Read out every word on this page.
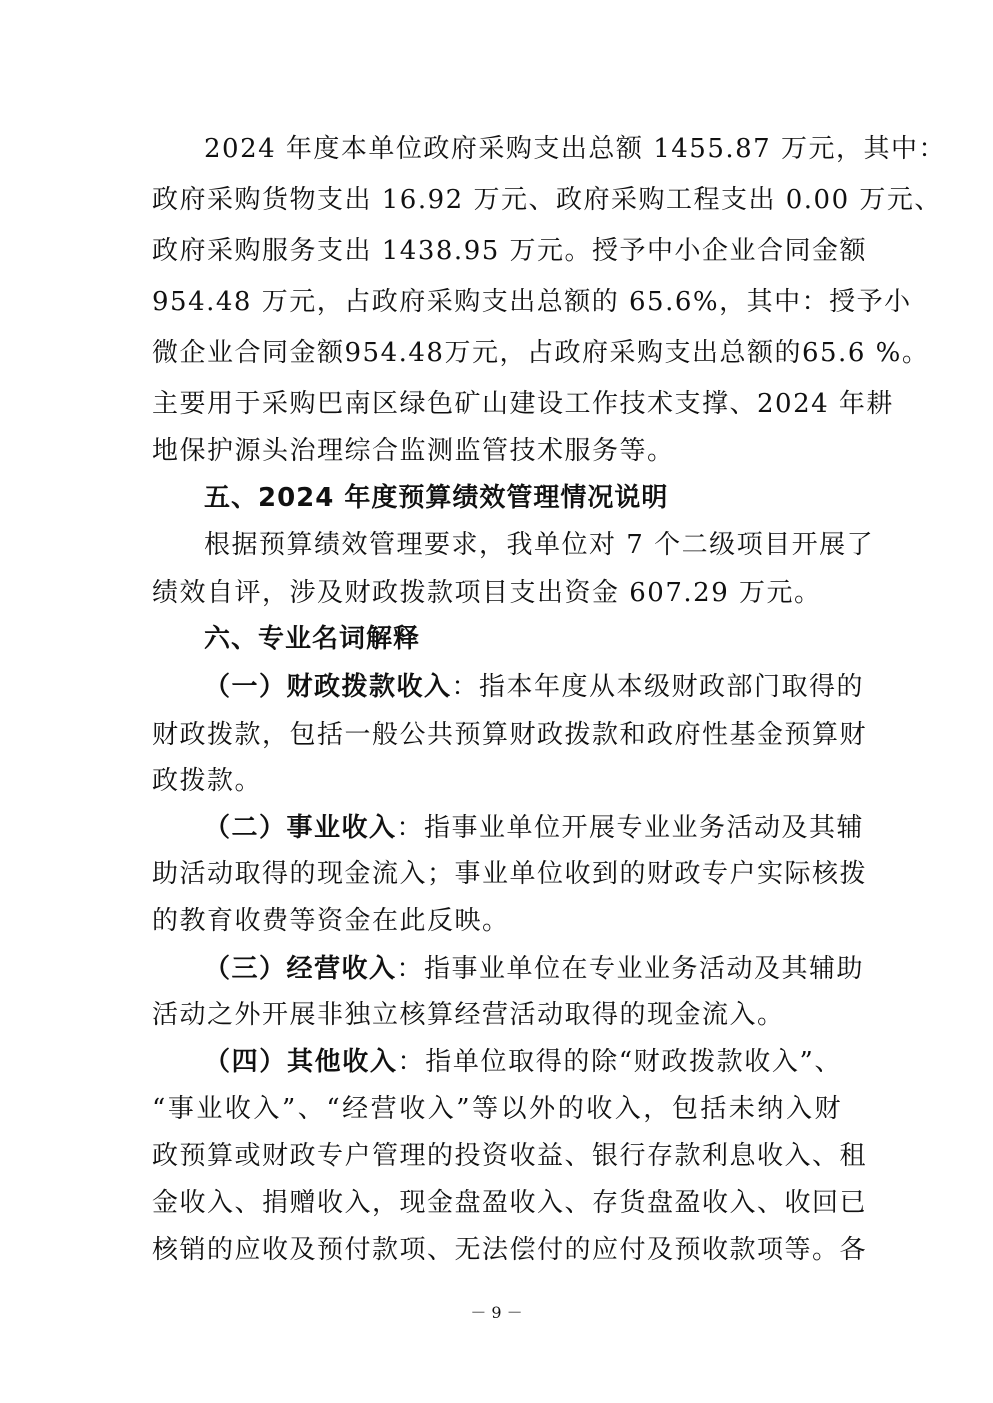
2024 年度本单位政府采购支出总额 1455.87 万元，其中：
政府采购货物支出 16.92 万元、政府采购工程支出 0.00 万元、
政府采购服务支出 1438.95 万元。授予中小企业合同金额
954.48 万元，占政府采购支出总额的 65.6%，其中：授予小
微企业合同金额954.48万元，占政府采购支出总额的65.6 %。
主要用于采购巴南区绿色矿山建设工作技术支撑、2024 年耕
地保护源头治理综合监测监管技术服务等。
五、2024 年度预算绩效管理情况说明
根据预算绩效管理要求，我单位对 7 个二级项目开展了
绩效自评，涉及财政拨款项目支出资金 607.29 万元。
六、专业名词解释
（一）财政拨款收入：指本年度从本级财政部门取得的
财政拨款，包括一般公共预算财政拨款和政府性基金预算财
政拨款。
（二）事业收入：指事业单位开展专业业务活动及其辅
助活动取得的现金流入；事业单位收到的财政专户实际核拨
的教育收费等资金在此反映。
（三）经营收入：指事业单位在专业业务活动及其辅助
活动之外开展非独立核算经营活动取得的现金流入。
（四）其他收入：指单位取得的除“财政拨款收入”、
“事业收入”、“经营收入”等以外的收入，包括未纳入财
政预算或财政专户管理的投资收益、银行存款利息收入、租
金收入、捐赠收入，现金盘盈收入、存货盘盈收入、收回已
核销的应收及预付款项、无法偿付的应付及预收款项等。各
－ 9 －
